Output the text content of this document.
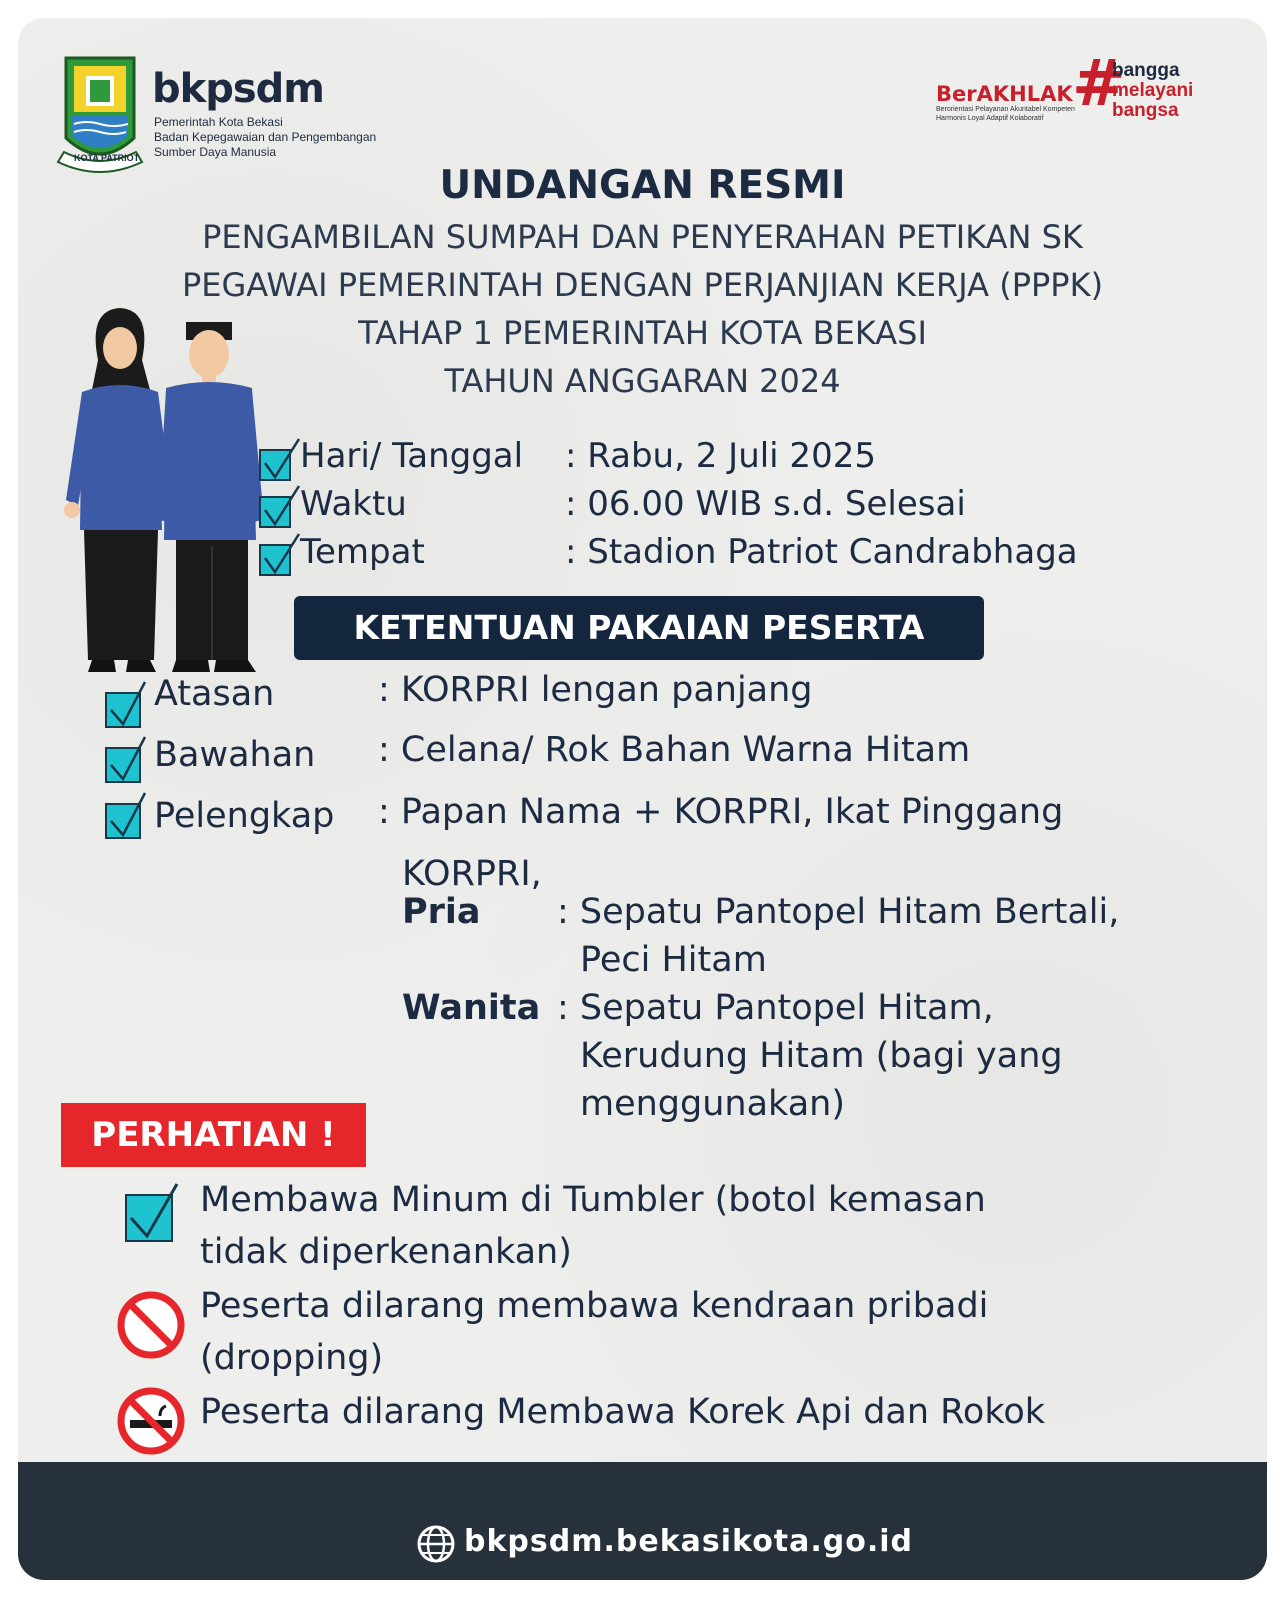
KOTA PATRIOT
bkpsdm
Pemerintah Kota Bekasi
Badan Kepegawaian dan Pengembangan
Sumber Daya Manusia
BerAKHLAK
Berorientasi Pelayanan Akuntabel Kompeten
Harmonis Loyal Adaptif Kolaboratif #
bangga
melayani
bangsa
UNDANGAN RESMI
PENGAMBILAN SUMPAH DAN PENYERAHAN PETIKAN SK
PEGAWAI PEMERINTAH DENGAN PERJANJIAN KERJA (PPPK)
TAHAP 1 PEMERINTAH KOTA BEKASI
TAHUN ANGGARAN 2024
Hari/ Tanggal : Rabu, 2 Juli 2025
Waktu	: 06.00 WIB s.d. Selesai
Tempat	: Stadion Patriot Candrabhaga
KETENTUAN PAKAIAN PESERTA
Atasan	: KORPRI lengan panjang
Bawahan : Celana/ Rok Bahan Warna Hitam
Pelengkap : Papan Nama + KORPRI, Ikat Pinggang
KORPRI,
Pria : Sepatu Pantopel Hitam Bertali,
Peci Hitam
Wanita : Sepatu Pantopel Hitam,
Kerudung Hitam (bagi yang
menggunakan)
PERHATIAN !
Membawa Minum di Tumbler (botol kemasan
tidak diperkenankan)
Peserta dilarang membawa kendraan pribadi
(dropping)
Peserta dilarang Membawa Korek Api dan Rokok
bkpsdm.bekasikota.go.id
